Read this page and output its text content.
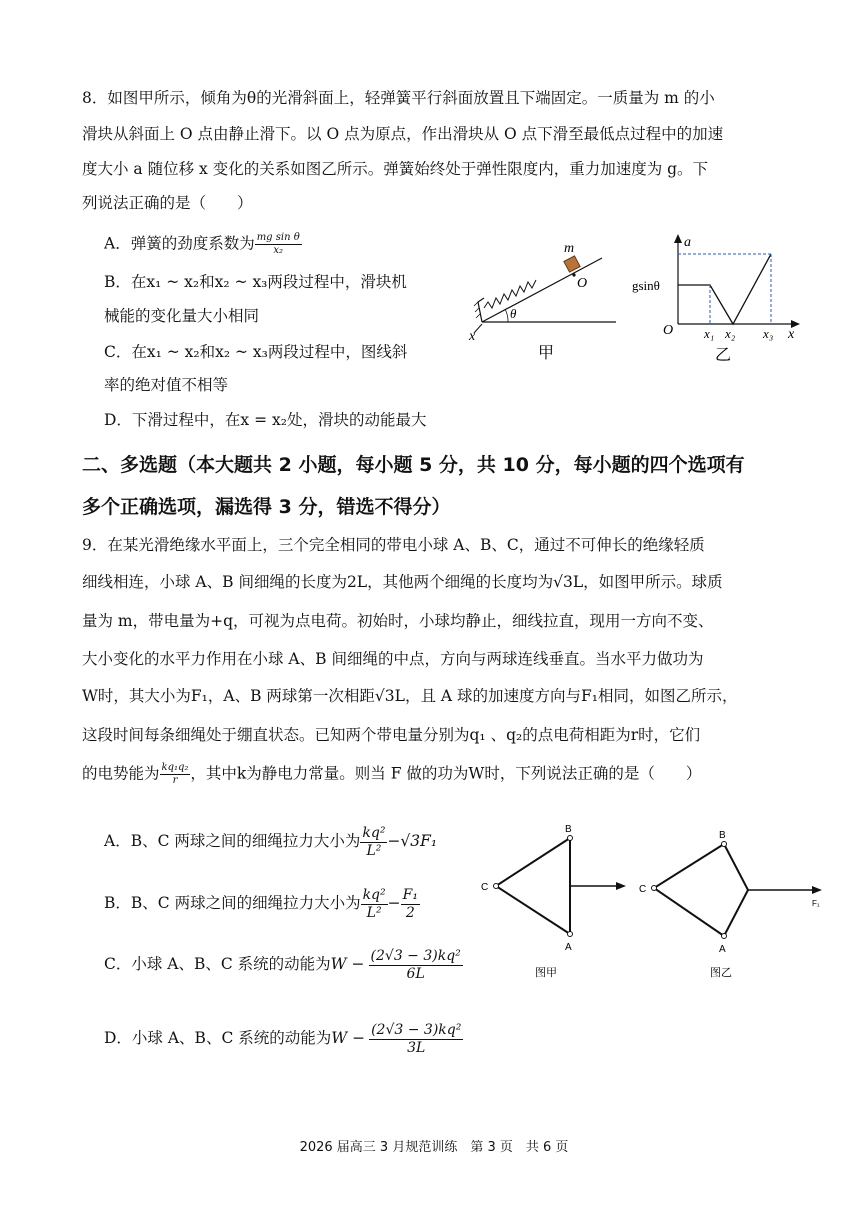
8．如图甲所示，倾角为θ的光滑斜面上，轻弹簧平行斜面放置且下端固定。一质量为 m 的小
滑块从斜面上 O 点由静止滑下。以 O 点为原点，作出滑块从 O 点下滑至最低点过程中的加速
度大小 a 随位移 x 变化的关系如图乙所示。弹簧始终处于弹性限度内，重力加速度为 g。下
列说法正确的是（　　）
A．弹簧的劲度系数为 $\frac{\text{mg sin θ}}{\text{x₂}}$
B．在x₁ ~ x₂和x₂ ~ x₃两段过程中，滑块机
械能的变化量大小相同
C．在x₁ ~ x₂和x₂ ~ x₃两段过程中，图线斜
率的绝对值不相等
D．下滑过程中，在x = x₂处，滑块的动能最大
m
O
θ
x
甲
a
gsinθ
O x₁ x₂ x₃ x
乙
二、多选题（本大题共 2 小题，每小题 5 分，共 10 分，每小题的四个选项有
多个正确选项，漏选得 3 分，错选不得分）
9．在某光滑绝缘水平面上，三个完全相同的带电小球 A、B、C，通过不可伸长的绝缘轻质
细线相连，小球 A、B 间细绳的长度为2L，其他两个细绳的长度均为√3L，如图甲所示。球质
量为 m，带电量为+q，可视为点电荷。初始时，小球均静止，细线拉直，现用一方向不变、
大小变化的水平力作用在小球 A、B 间细绳的中点，方向与两球连线垂直。当水平力做功为
W时，其大小为F₁，A、B 两球第一次相距√3L，且 A 球的加速度方向与F₁相同，如图乙所示，
这段时间每条细绳处于绷直状态。已知两个带电量分别为q₁ 、q₂的点电荷相距为r时，它们
的电势能为 $\frac{\text{kq₁q₂}}{r}$ ，其中k为静电力常量。则当 F 做的功为W时，下列说法正确的是（　　）
A．B、C 两球之间的细绳拉力大小为 $\frac{\text{kq²}}{\text{L²}} -√3F_1$
B．B、C 两球之间的细绳拉力大小为 $\frac{\text{kq²}}{\text{L²}} - \frac{\text{F₁}}{2}$
C．小球 A、B、C 系统的动能为$W - \frac{\text{(2√3 − 3)kq²}}{6L}$
D．小球 A、B、C 系统的动能为$W - \frac{\text{(2√3 − 3)kq²}}{3L}$
B
C
A
图甲
B
C
A
F₁
图乙
2026 届高三 3 月规范训练　第 3 页　共 6 页
